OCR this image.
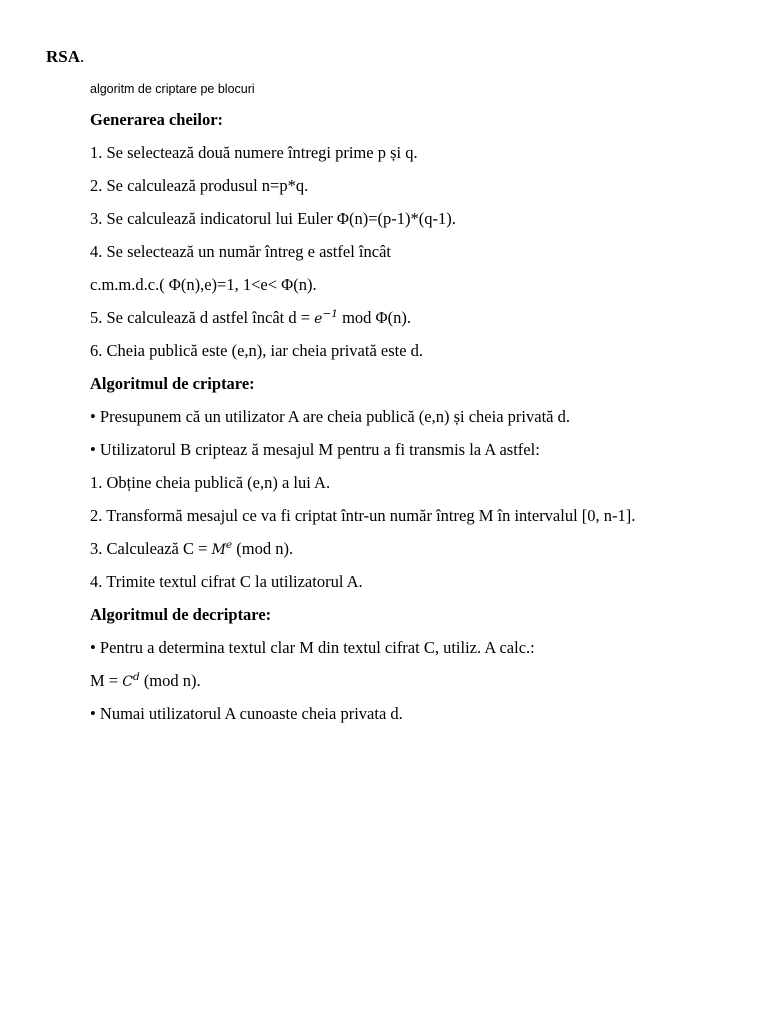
RSA.
algoritm de criptare pe blocuri
Generarea cheilor:
1. Se selectează două numere întregi prime p și q.
2. Se calculează produsul n=p*q.
3. Se calculează indicatorul lui Euler Φ(n)=(p-1)*(q-1).
4. Se selectează un număr întreg e astfel încât
c.m.m.d.c.( Φ(n),e)=1, 1<e< Φ(n).
5. Se calculează d astfel încât $d = e^{-1}$ mod Φ(n).
6. Cheia publică este (e,n), iar cheia privată este d.
Algoritmul de criptare:
• Presupunem că un utilizator A are cheia publică (e,n) și cheia privată d.
• Utilizatorul B cripteaz ă mesajul M pentru a fi transmis la A astfel:
1. Obține cheia publică (e,n) a lui A.
2. Transformă mesajul ce va fi criptat într-un număr întreg M în intervalul [0, n-1].
3. Calculează $C = M^e$ (mod n).
4. Trimite textul cifrat C la utilizatorul A.
Algoritmul de decriptare:
• Pentru a determina textul clar M din textul cifrat C, utiliz. A calc.:
$M = C^d$ (mod n).
• Numai utilizatorul A cunoaste cheia privata d.
